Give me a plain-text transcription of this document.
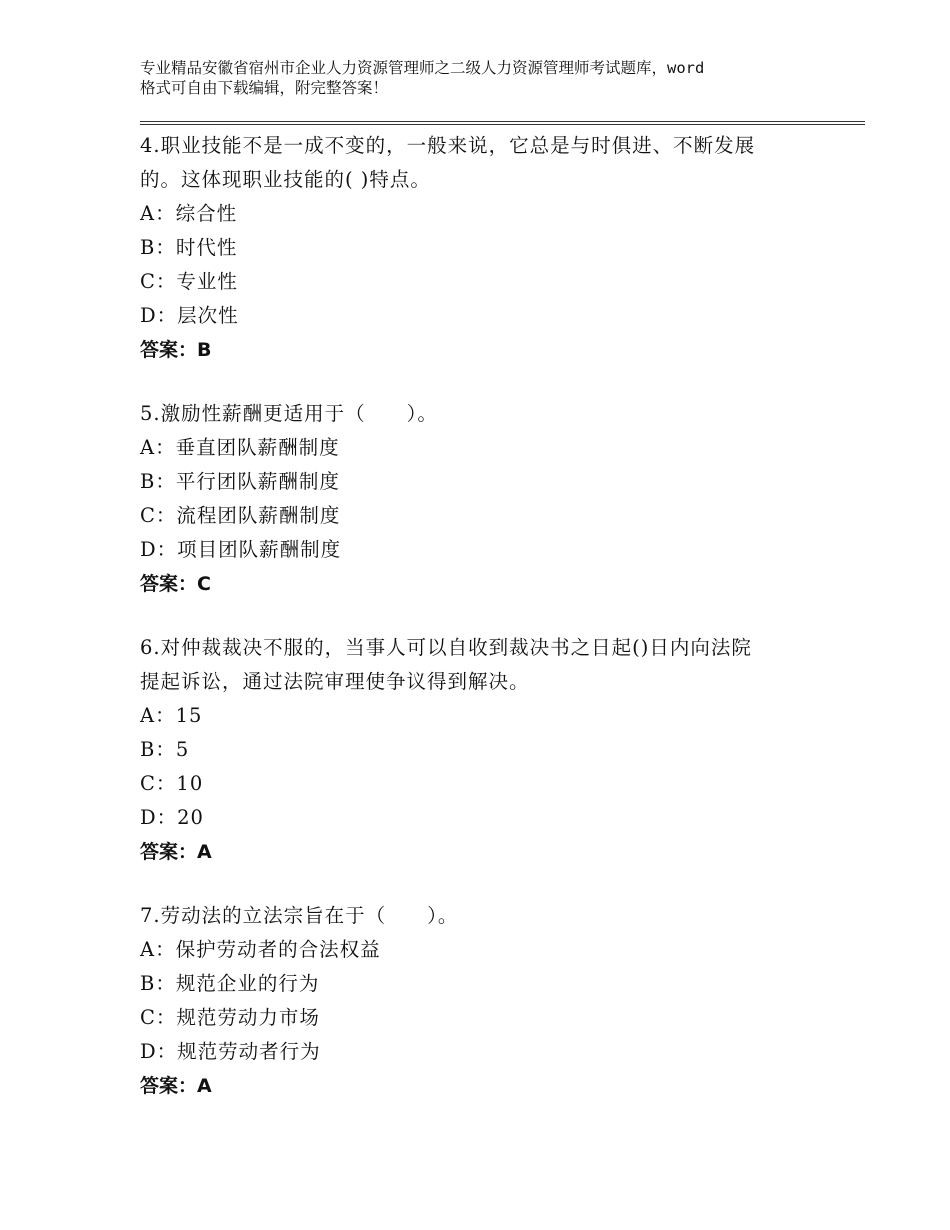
专业精品安徽省宿州市企业人力资源管理师之二级人力资源管理师考试题库，word
格式可自由下载编辑，附完整答案！
4.职业技能不是一成不变的，一般来说，它总是与时俱进、不断发展
的。这体现职业技能的( )特点。
A：综合性
B：时代性
C：专业性
D：层次性
答案：B
5.激励性薪酬更适用于（　　）。
A：垂直团队薪酬制度
B：平行团队薪酬制度
C：流程团队薪酬制度
D：项目团队薪酬制度
答案：C
6.对仲裁裁决不服的，当事人可以自收到裁决书之日起()日内向法院
提起诉讼，通过法院审理使争议得到解决。
A：15
B：5
C：10
D：20
答案：A
7.劳动法的立法宗旨在于（　　）。
A：保护劳动者的合法权益
B：规范企业的行为
C：规范劳动力市场
D：规范劳动者行为
答案：A
